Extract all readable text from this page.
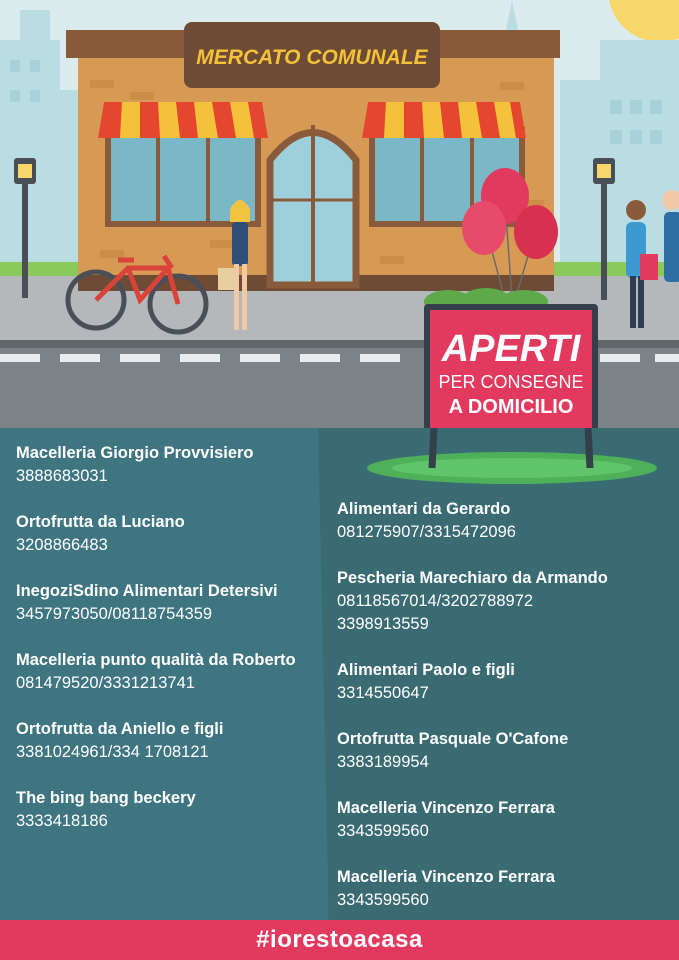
MERCATO COMUNALE
APERTI
PER CONSEGNE
A DOMICILIO
Macelleria Giorgio Provvisiero
3888683031
Ortofrutta da Luciano
3208866483
InegoziSdino Alimentari Detersivi
3457973050/08118754359
Macelleria punto qualità da Roberto
081479520/3331213741
Ortofrutta da Aniello e figli
3381024961/334 1708121
The bing bang beckery
3333418186
Alimentari da Gerardo
081275907/3315472096
Pescheria Marechiaro da Armando
08118567014/3202788972
3398913559
Alimentari Paolo e figli
3314550647
Ortofrutta Pasquale O'Cafone
3383189954
Macelleria Vincenzo Ferrara
3343599560
Macelleria Vincenzo Ferrara
3343599560
#iorestoacasa
